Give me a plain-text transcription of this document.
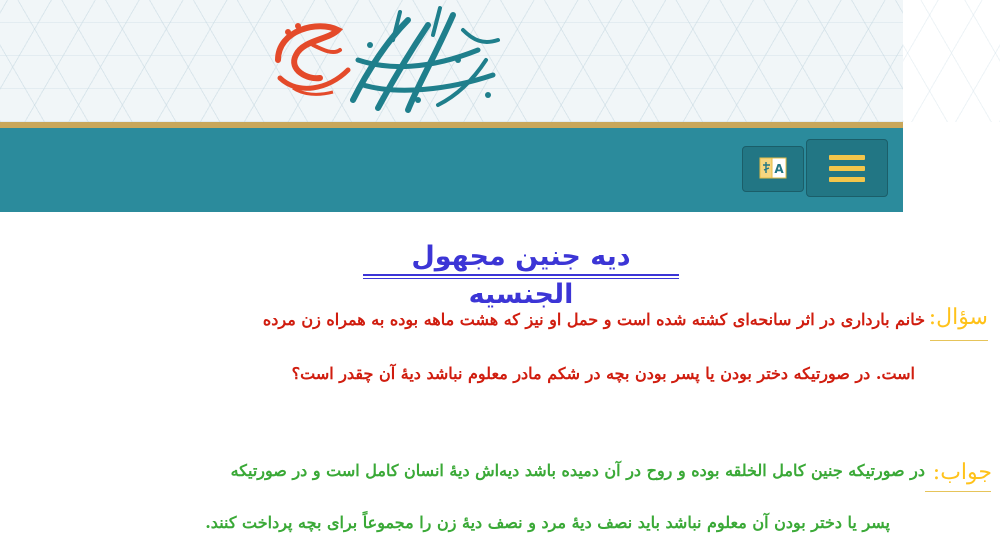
A
دیه جنین مجهول الجنسیه
سؤال:
خانم بارداری در اثر سانحه‌ای کشته شده است و حمل او نیز که هشت ماهه بوده به همراه زن مرده
است. در صورتیکه دختر بودن یا پسر بودن بچه در شکم مادر معلوم نباشد دیهٔ آن چقدر است؟
جواب:
در صورتیکه جنین کامل الخلقه بوده و روح در آن دمیده باشد دیه‌اش دیهٔ انسان کامل است و در صورتیکه
پسر یا دختر بودن آن معلوم نباشد باید نصف دیهٔ مرد و نصف دیهٔ زن را مجموعاً برای بچه پرداخت کنند.
